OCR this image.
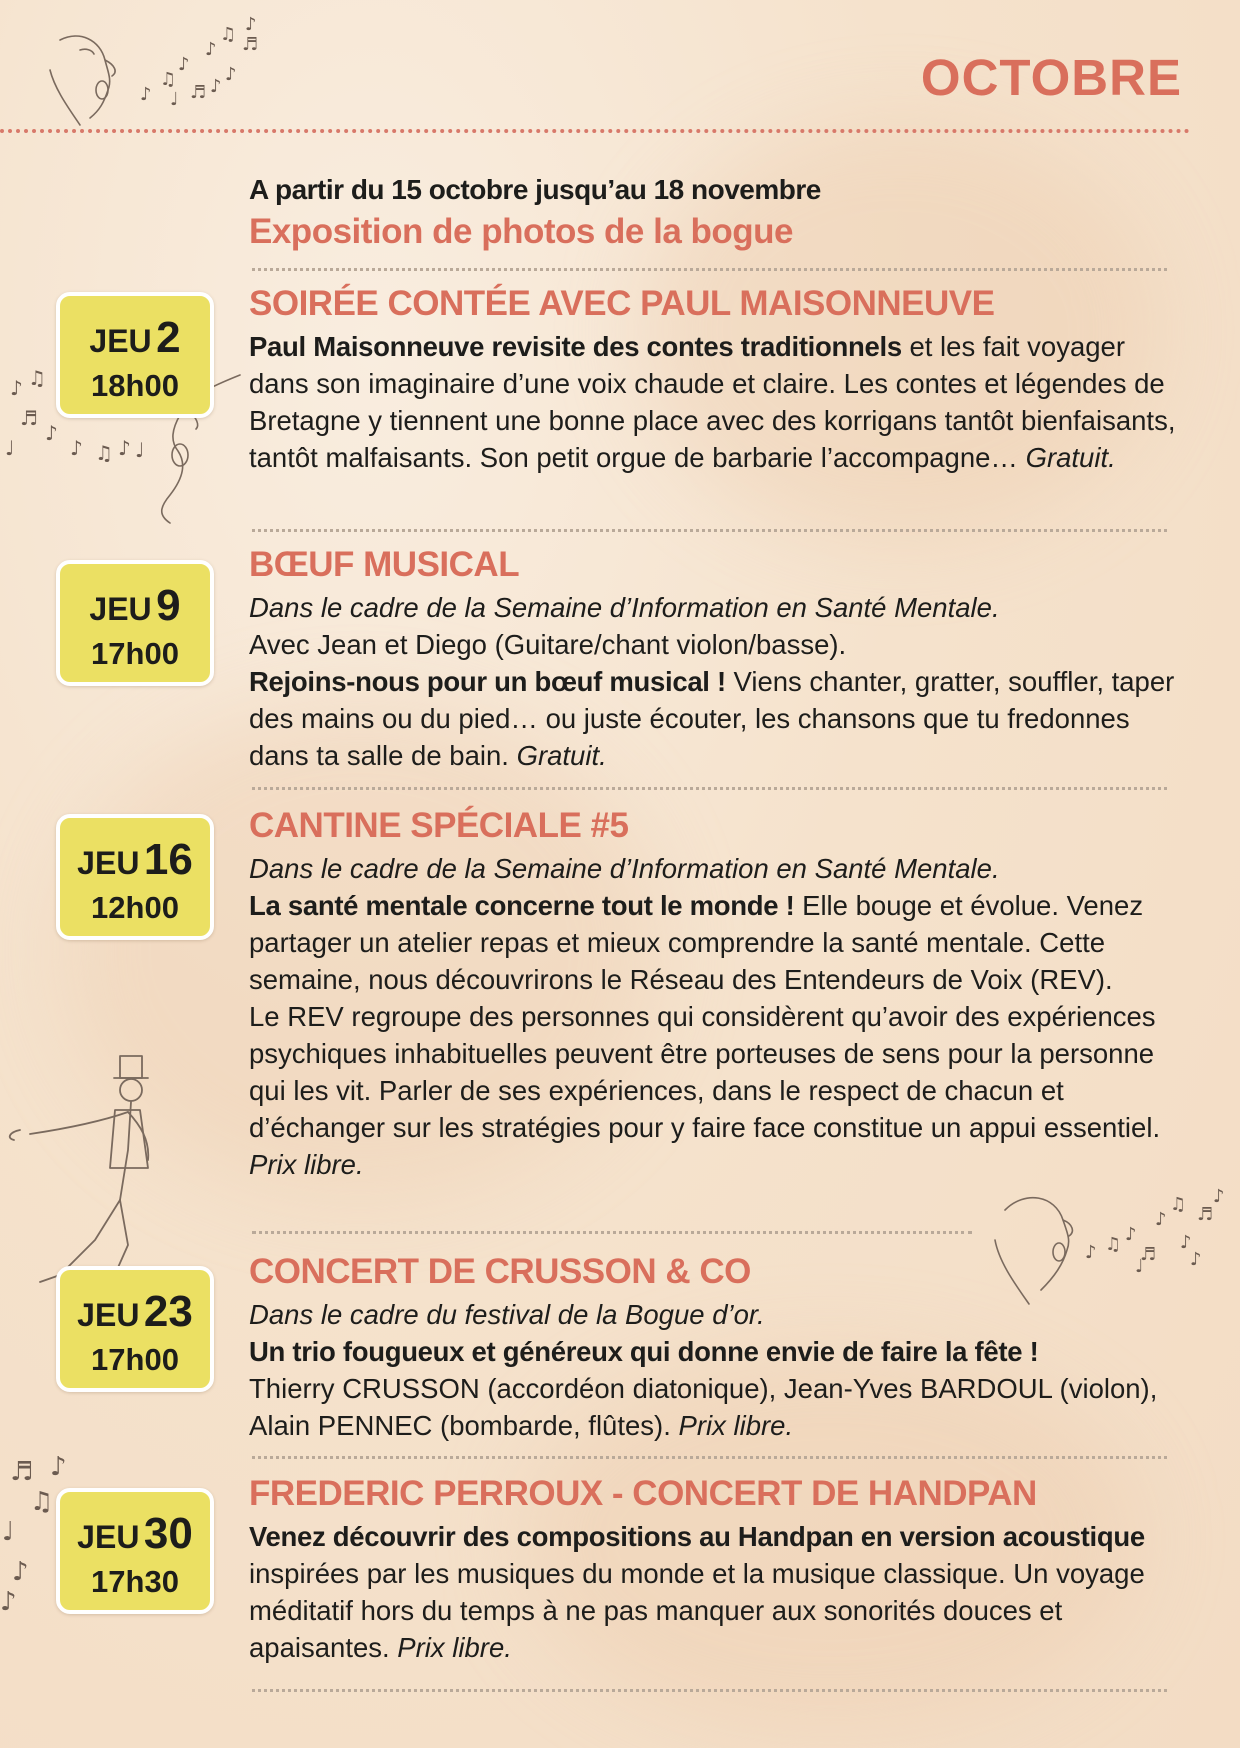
♪
♫
♪
♬
♪
♫
♪
♬
♩
♪
♪
♪ ♫
♬
♪
♩	♪ ♫ ♪ ♩
♪ ♫ ♪
♬
♪
♫
♪
♬
♪
♩	♪
♬ ♪
♫
♩
♪
♪
OCTOBRE
A partir du 15 octobre jusqu’au 18 novembre
Exposition de photos de la bogue
JEU 2
18h00
SOIRÉE CONTÉE AVEC PAUL MAISONNEUVE

Paul Maisonneuve revisite des contes traditionnels et les fait voyager dans son imaginaire d’une voix chaude et claire. Les contes et légendes de Bretagne y tiennent une bonne place avec des korrigans tantôt bienfaisants, tantôt malfaisants. Son petit orgue de barbarie l’accompagne… Gratuit.

JEU 9
17h00
BŒUF MUSICAL

Dans le cadre de la Semaine d’Information en Santé Mentale.

Avec Jean et Diego (Guitare/chant violon/basse).

Rejoins-nous pour un bœuf musical ! Viens chanter, gratter, souffler, taper des mains ou du pied… ou juste écouter, les chansons que tu fredonnes dans ta salle de bain. Gratuit.

JEU 16
12h00
CANTINE SPÉCIALE #5

Dans le cadre de la Semaine d’Information en Santé Mentale.

La santé mentale concerne tout le monde ! Elle bouge et évolue. Venez partager un atelier repas et mieux comprendre la santé mentale. Cette semaine, nous découvrirons le Réseau des Entendeurs de Voix (REV).

Le REV regroupe des personnes qui considèrent qu’avoir des expériences psychiques inhabituelles peuvent être porteuses de sens pour la personne qui les vit. Parler de ses expériences, dans le respect de chacun et d’échanger sur les stratégies pour y faire face constitue un appui essentiel. Prix libre.

JEU 23
17h00
CONCERT DE CRUSSON & CO

Dans le cadre du festival de la Bogue d’or.

Un trio fougueux et généreux qui donne envie de faire la fête !

Thierry CRUSSON (accordéon diatonique), Jean-Yves BARDOUL (violon), Alain PENNEC (bombarde, flûtes). Prix libre.

JEU 30
17h30
FREDERIC PERROUX - CONCERT DE HANDPAN

Venez découvrir des compositions au Handpan en version acoustique inspirées par les musiques du monde et la musique classique. Un voyage méditatif hors du temps à ne pas manquer aux sonorités douces et apaisantes. Prix libre.
